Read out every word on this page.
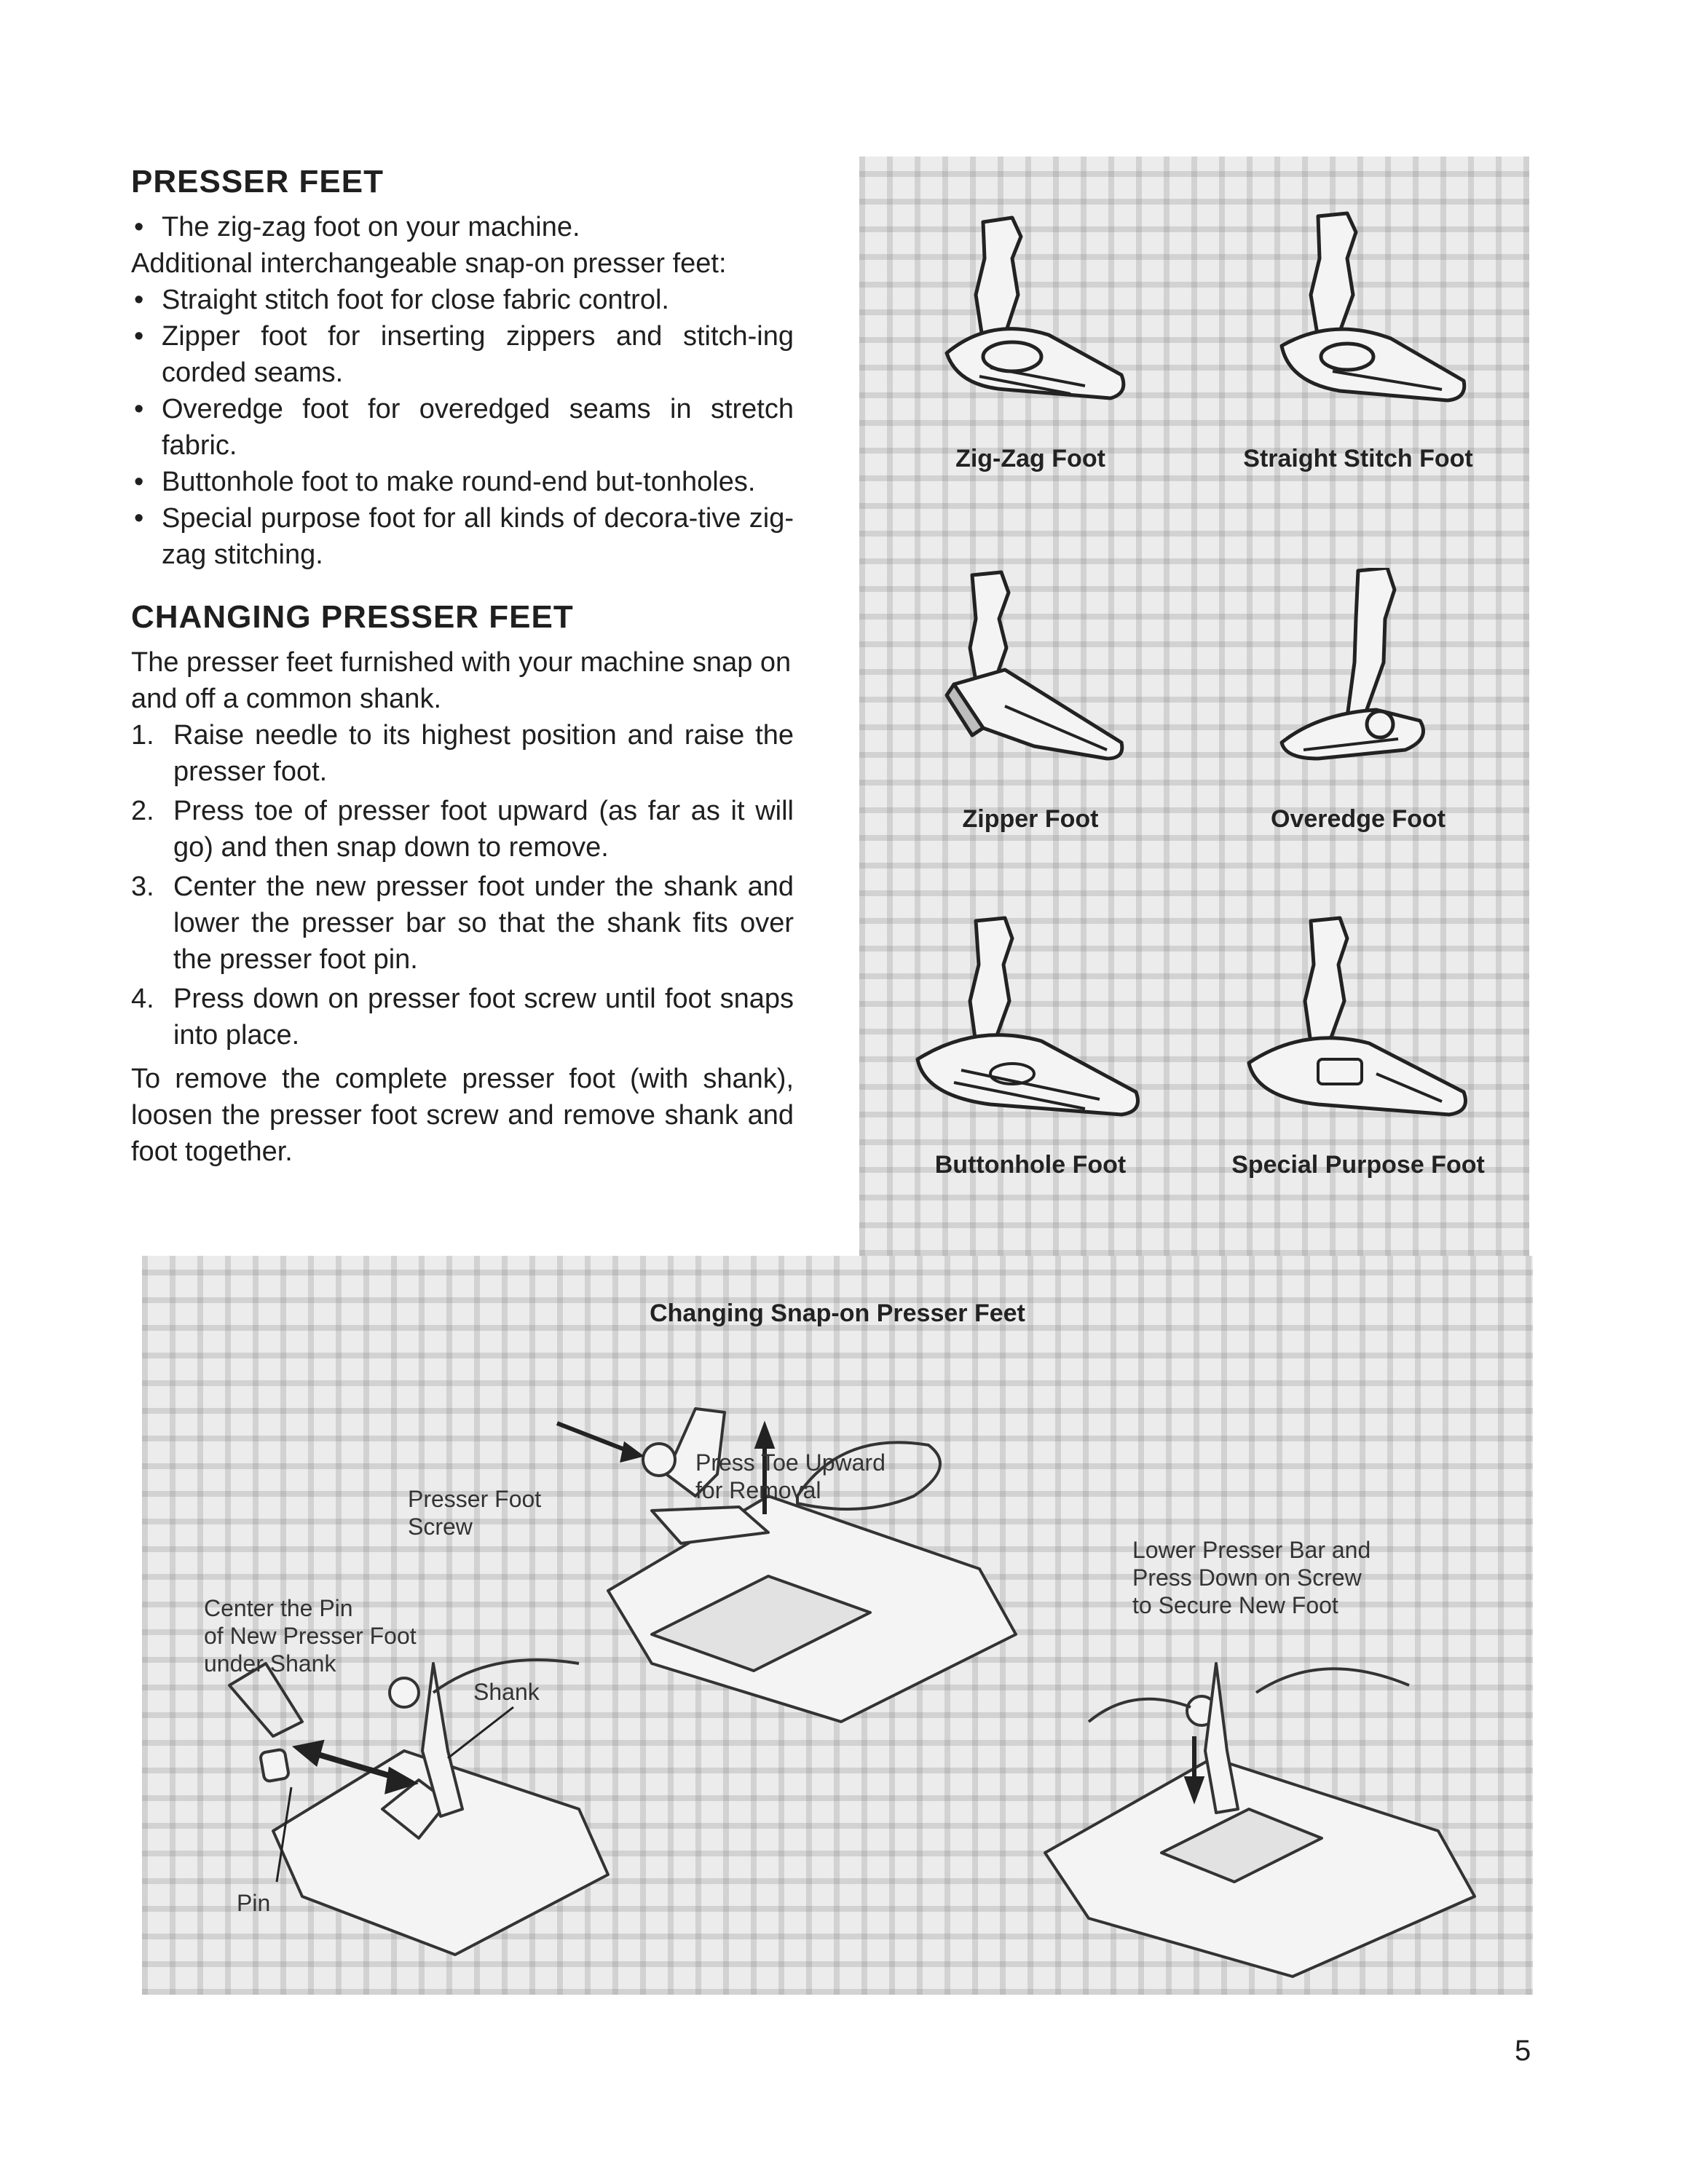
PRESSER FEET
• The zig-zag foot on your machine.

Additional interchangeable snap-on presser feet:

• Straight stitch foot for close fabric control.
• Zipper foot for inserting zippers and stitch-ing corded seams.
• Overedge foot for overedged seams in stretch fabric.
• Buttonhole foot to make round-end but-tonholes.
• Special purpose foot for all kinds of decora-tive zig-zag stitching.
CHANGING PRESSER FEET

The presser feet furnished with your machine snap on and off a common shank.

1. Raise needle to its highest position and raise the presser foot.
2. Press toe of presser foot upward (as far as it will go) and then snap down to remove.
3. Center the new presser foot under the shank and lower the presser bar so that the shank fits over the presser foot pin.
4. Press down on presser foot screw until foot snaps into place.

To remove the complete presser foot (with shank), loosen the presser foot screw and remove shank and foot together.

Zig-Zag Foot	Straight Stitch Foot
Zipper Foot	Overedge Foot
Buttonhole Foot	Special Purpose Foot
Changing Snap-on Presser Feet
Press Toe Upward
for Removal
Presser Foot
Screw
Center the Pin
of New Presser Foot
under Shank
Shank
Pin
Lower Presser Bar and
Press Down on Screw
to Secure New Foot
5
